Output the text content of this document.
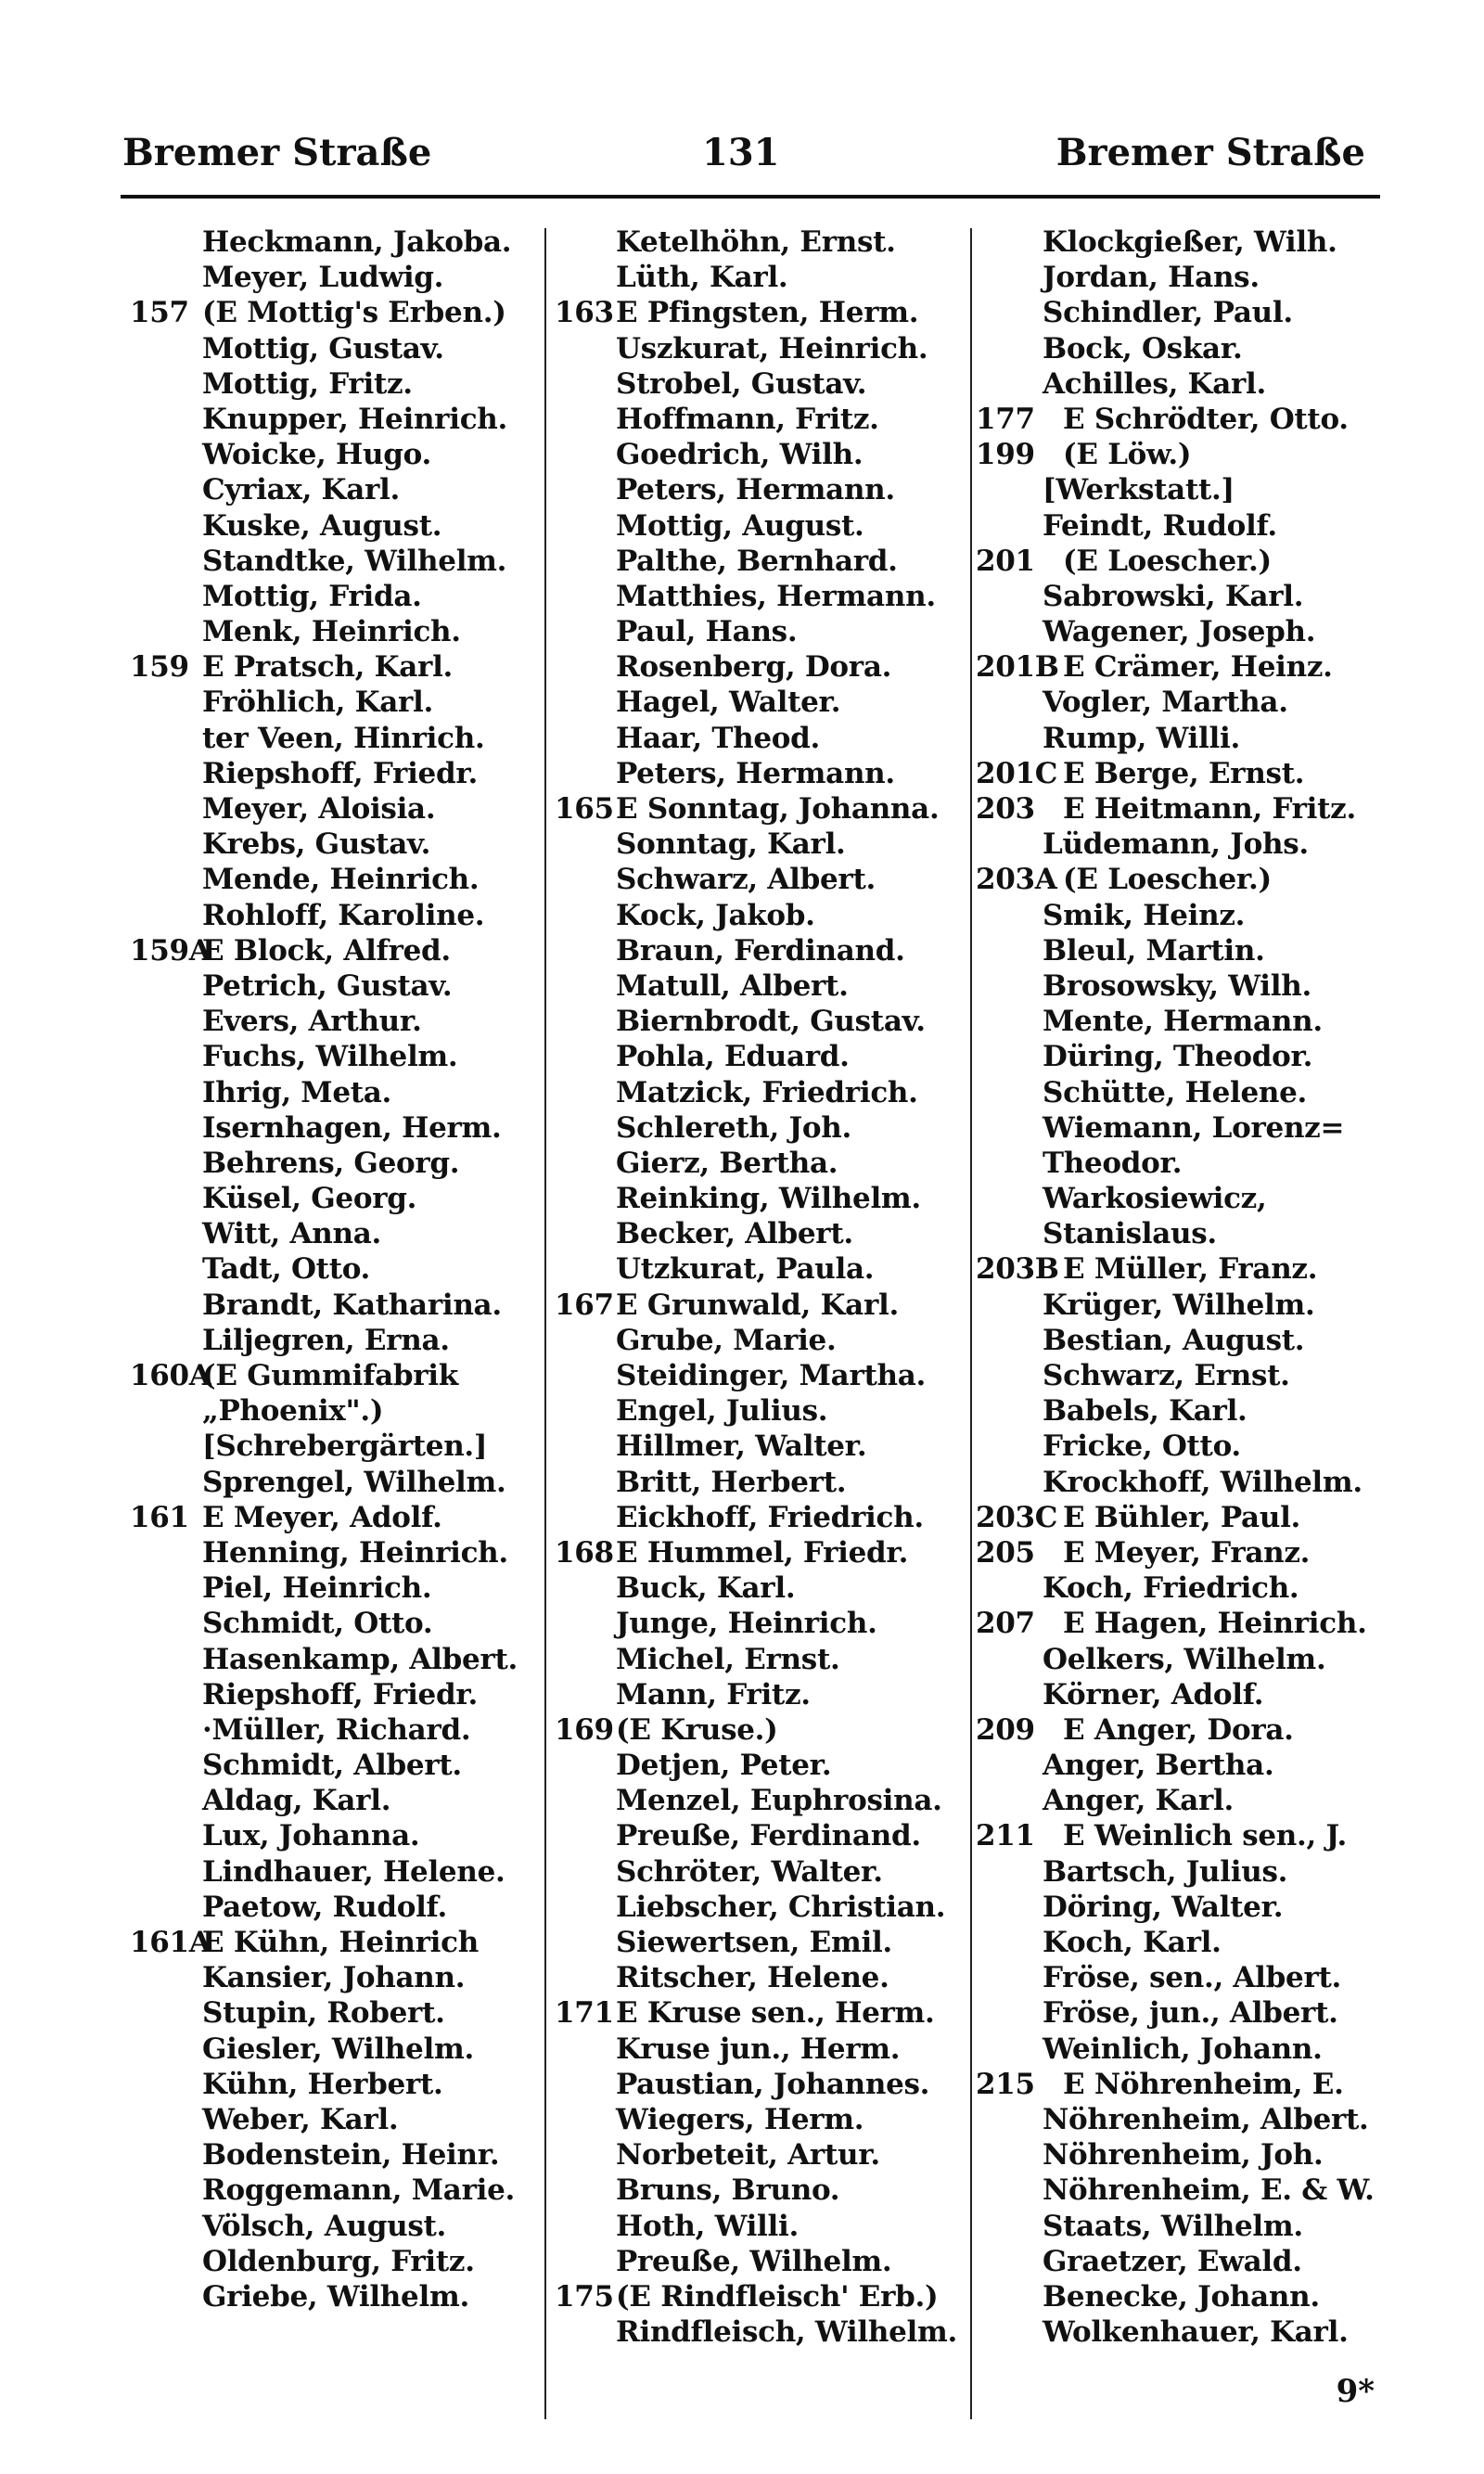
Bremer Straße	131	Bremer Straße
Heckmann, Jakoba.
Meyer, Ludwig.
157 (E Mottig's Erben.)
Mottig, Gustav.
Mottig, Fritz.
Knupper, Heinrich.
Woicke, Hugo.
Cyriax, Karl.
Kuske, August.
Standtke, Wilhelm.
Mottig, Frida.
Menk, Heinrich.
159 E Pratsch, Karl.
Fröhlich, Karl.
ter Veen, Hinrich.
Riepshoff, Friedr.
Meyer, Aloisia.
Krebs, Gustav.
Mende, Heinrich.
Rohloff, Karoline.
159A
E Block, Alfred.
Petrich, Gustav.
Evers, Arthur.
Fuchs, Wilhelm.
Ihrig, Meta.
Isernhagen, Herm.
Behrens, Georg.
Küsel, Georg.
Witt, Anna.
Tadt, Otto.
Brandt, Katharina.
Liljegren, Erna.
160A
(E Gummifabrik
„Phoenix".)
[Schrebergärten.]
Sprengel, Wilhelm.
161 E Meyer, Adolf.
Henning, Heinrich.
Piel, Heinrich.
Schmidt, Otto.
Hasenkamp, Albert.
Riepshoff, Friedr.
·Müller, Richard.
Schmidt, Albert.
Aldag, Karl.
Lux, Johanna.
Lindhauer, Helene.
Paetow, Rudolf.
161A
E Kühn, Heinrich
Kansier, Johann.
Stupin, Robert.
Giesler, Wilhelm.
Kühn, Herbert.
Weber, Karl.
Bodenstein, Heinr.
Roggemann, Marie.
Völsch, August.
Oldenburg, Fritz.
Griebe, Wilhelm.
Ketelhöhn, Ernst.
Lüth, Karl.
163 E Pfingsten, Herm.
Uszkurat, Heinrich.
Strobel, Gustav.
Hoffmann, Fritz.
Goedrich, Wilh.
Peters, Hermann.
Mottig, August.
Palthe, Bernhard.
Matthies, Hermann.
Paul, Hans.
Rosenberg, Dora.
Hagel, Walter.
Haar, Theod.
Peters, Hermann.
165 E Sonntag, Johanna.
Sonntag, Karl.
Schwarz, Albert.
Kock, Jakob.
Braun, Ferdinand.
Matull, Albert.
Biernbrodt, Gustav.
Pohla, Eduard.
Matzick, Friedrich.
Schlereth, Joh.
Gierz, Bertha.
Reinking, Wilhelm.
Becker, Albert.
Utzkurat, Paula.
167 E Grunwald, Karl.
Grube, Marie.
Steidinger, Martha.
Engel, Julius.
Hillmer, Walter.
Britt, Herbert.
Eickhoff, Friedrich.
168 E Hummel, Friedr.
Buck, Karl.
Junge, Heinrich.
Michel, Ernst.
Mann, Fritz.
169 (E Kruse.)
Detjen, Peter.
Menzel, Euphrosina.
Preuße, Ferdinand.
Schröter, Walter.
Liebscher, Christian.
Siewertsen, Emil.
Ritscher, Helene.
171 E Kruse sen., Herm.
Kruse jun., Herm.
Paustian, Johannes.
Wiegers, Herm.
Norbeteit, Artur.
Bruns, Bruno.
Hoth, Willi.
Preuße, Wilhelm.
175 (E Rindfleisch' Erb.)
Rindfleisch, Wilhelm.
Klockgießer, Wilh.
Jordan, Hans.
Schindler, Paul.
Bock, Oskar.
Achilles, Karl.
177 E Schrödter, Otto.
199 (E Löw.)
[Werkstatt.]
Feindt, Rudolf.
201 (E Loescher.)
Sabrowski, Karl.
Wagener, Joseph.
201B E Crämer, Heinz.
Vogler, Martha.
Rump, Willi.
201C E Berge, Ernst.
203 E Heitmann, Fritz.
Lüdemann, Johs.
203A (E Loescher.)
Smik, Heinz.
Bleul, Martin.
Brosowsky, Wilh.
Mente, Hermann.
Düring, Theodor.
Schütte, Helene.
Wiemann, Lorenz=
Theodor.
Warkosiewicz,
Stanislaus.
203B E Müller, Franz.
Krüger, Wilhelm.
Bestian, August.
Schwarz, Ernst.
Babels, Karl.
Fricke, Otto.
Krockhoff, Wilhelm.
203C E Bühler, Paul.
205 E Meyer, Franz.
Koch, Friedrich.
207 E Hagen, Heinrich.
Oelkers, Wilhelm.
Körner, Adolf.
209 E Anger, Dora.
Anger, Bertha.
Anger, Karl.
211 E Weinlich sen., J.
Bartsch, Julius.
Döring, Walter.
Koch, Karl.
Fröse, sen., Albert.
Fröse, jun., Albert.
Weinlich, Johann.
215 E Nöhrenheim, E.
Nöhrenheim, Albert.
Nöhrenheim, Joh.
Nöhrenheim, E. & W.
Staats, Wilhelm.
Graetzer, Ewald.
Benecke, Johann.
Wolkenhauer, Karl.
9*
